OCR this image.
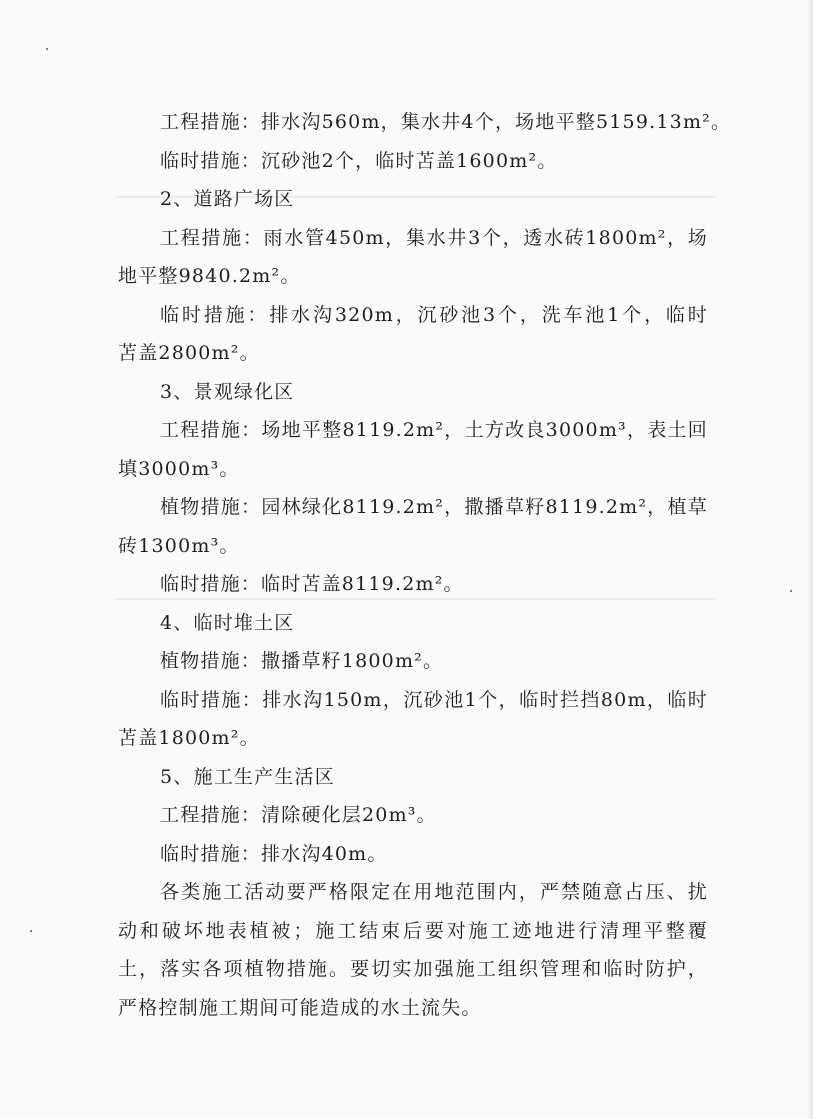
工程措施：排水沟560m，集水井4个，场地平整5159.13m²。
临时措施：沉砂池2个，临时苫盖1600m²。
2、道路广场区
工程措施：雨水管450m，集水井3个，透水砖1800m²，场
地平整9840.2m²。
临时措施：排水沟320m，沉砂池3个，洗车池1个，临时
苫盖2800m²。
3、景观绿化区
工程措施：场地平整8119.2m²，土方改良3000m³，表土回
填3000m³。
植物措施：园林绿化8119.2m²，撒播草籽8119.2m²，植草
砖1300m³。
临时措施：临时苫盖8119.2m²。
4、临时堆土区
植物措施：撒播草籽1800m²。
临时措施：排水沟150m，沉砂池1个，临时拦挡80m，临时
苫盖1800m²。
5、施工生产生活区
工程措施：清除硬化层20m³。
临时措施：排水沟40m。
各类施工活动要严格限定在用地范围内，严禁随意占压、扰
动和破坏地表植被；施工结束后要对施工迹地进行清理平整覆
土，落实各项植物措施。要切实加强施工组织管理和临时防护，
严格控制施工期间可能造成的水土流失。
